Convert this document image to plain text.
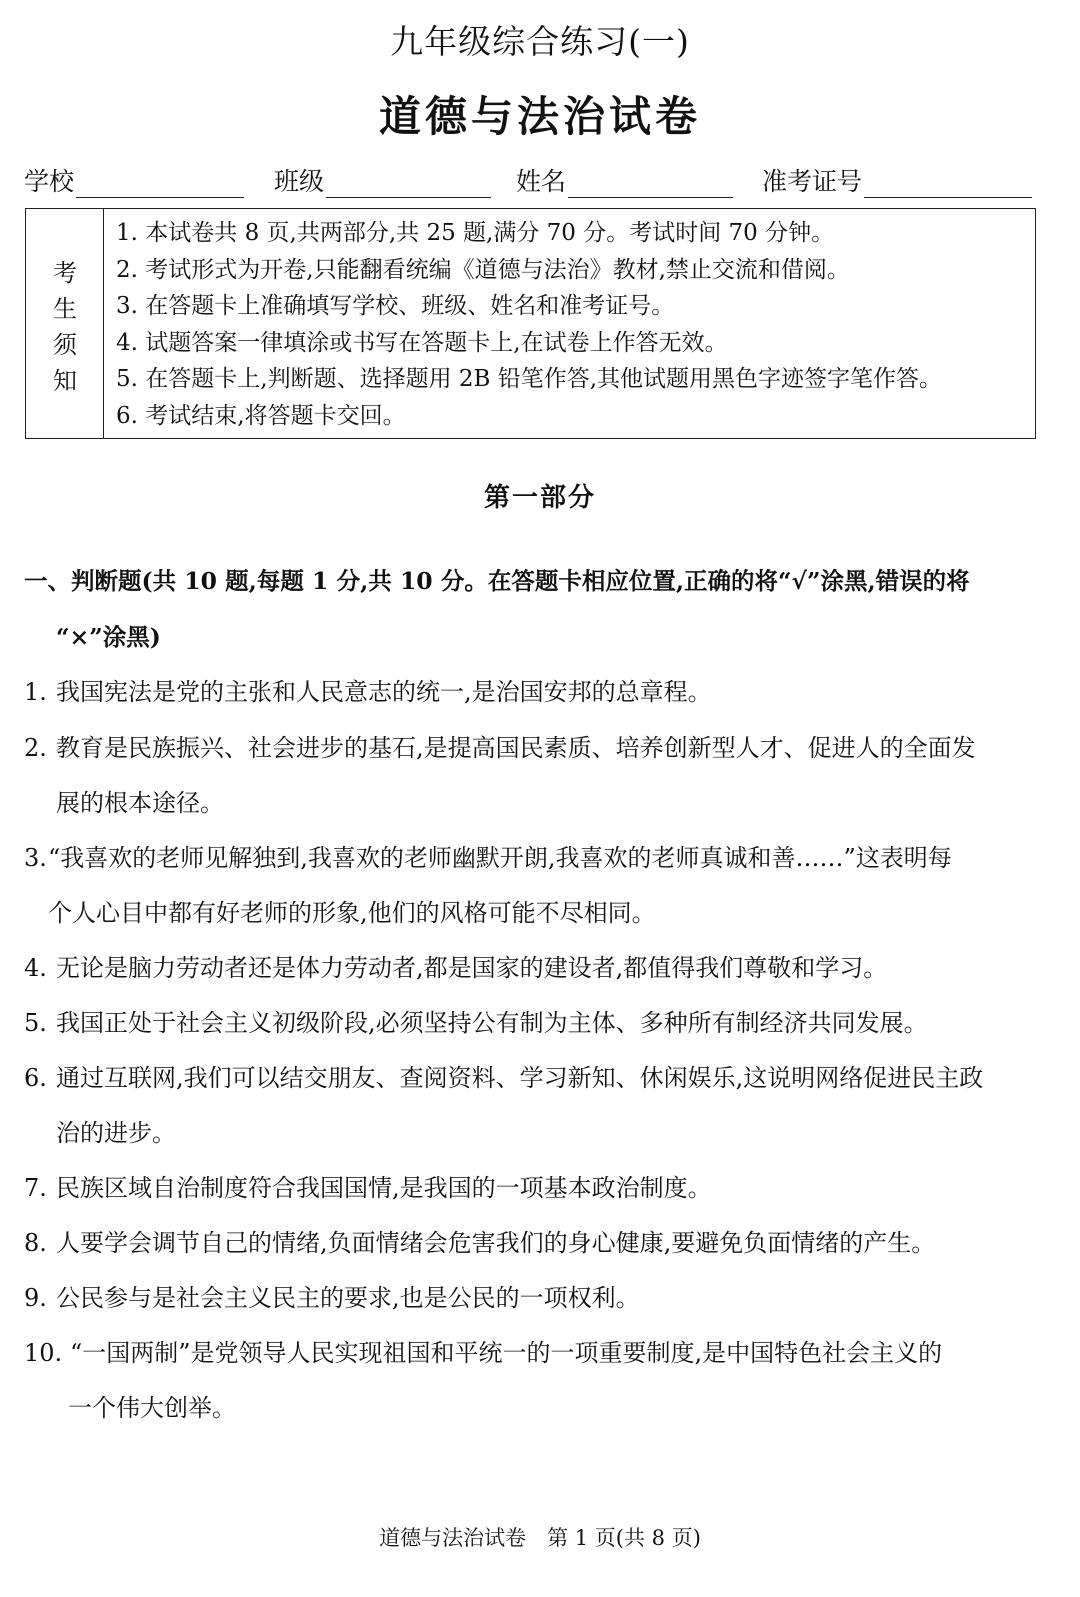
九年级综合练习(一)
道德与法治试卷
学校	班级	姓名	准考证号
考
生
须
知
1. 本试卷共 8 页,共两部分,共 25 题,满分 70 分。考试时间 70 分钟。
2. 考试形式为开卷,只能翻看统编《道德与法治》教材,禁止交流和借阅。
3. 在答题卡上准确填写学校、班级、姓名和准考证号。
4. 试题答案一律填涂或书写在答题卡上,在试卷上作答无效。
5. 在答题卡上,判断题、选择题用 2B 铅笔作答,其他试题用黑色字迹签字笔作答。
6. 考试结束,将答题卡交回。
第一部分
一、判断题(共 10 题,每题 1 分,共 10 分。在答题卡相应位置,正确的将“√”涂黑,错误的将
“×”涂黑)
1. 我国宪法是党的主张和人民意志的统一,是治国安邦的总章程。
2. 教育是民族振兴、社会进步的基石,是提高国民素质、培养创新型人才、促进人的全面发
展的根本途径。
3.“我喜欢的老师见解独到,我喜欢的老师幽默开朗,我喜欢的老师真诚和善……”这表明每
个人心目中都有好老师的形象,他们的风格可能不尽相同。
4. 无论是脑力劳动者还是体力劳动者,都是国家的建设者,都值得我们尊敬和学习。
5. 我国正处于社会主义初级阶段,必须坚持公有制为主体、多种所有制经济共同发展。
6. 通过互联网,我们可以结交朋友、查阅资料、学习新知、休闲娱乐,这说明网络促进民主政
治的进步。
7. 民族区域自治制度符合我国国情,是我国的一项基本政治制度。
8. 人要学会调节自己的情绪,负面情绪会危害我们的身心健康,要避免负面情绪的产生。
9. 公民参与是社会主义民主的要求,也是公民的一项权利。
10. “一国两制”是党领导人民实现祖国和平统一的一项重要制度,是中国特色社会主义的
一个伟大创举。
道德与法治试卷　第 1 页(共 8 页)
